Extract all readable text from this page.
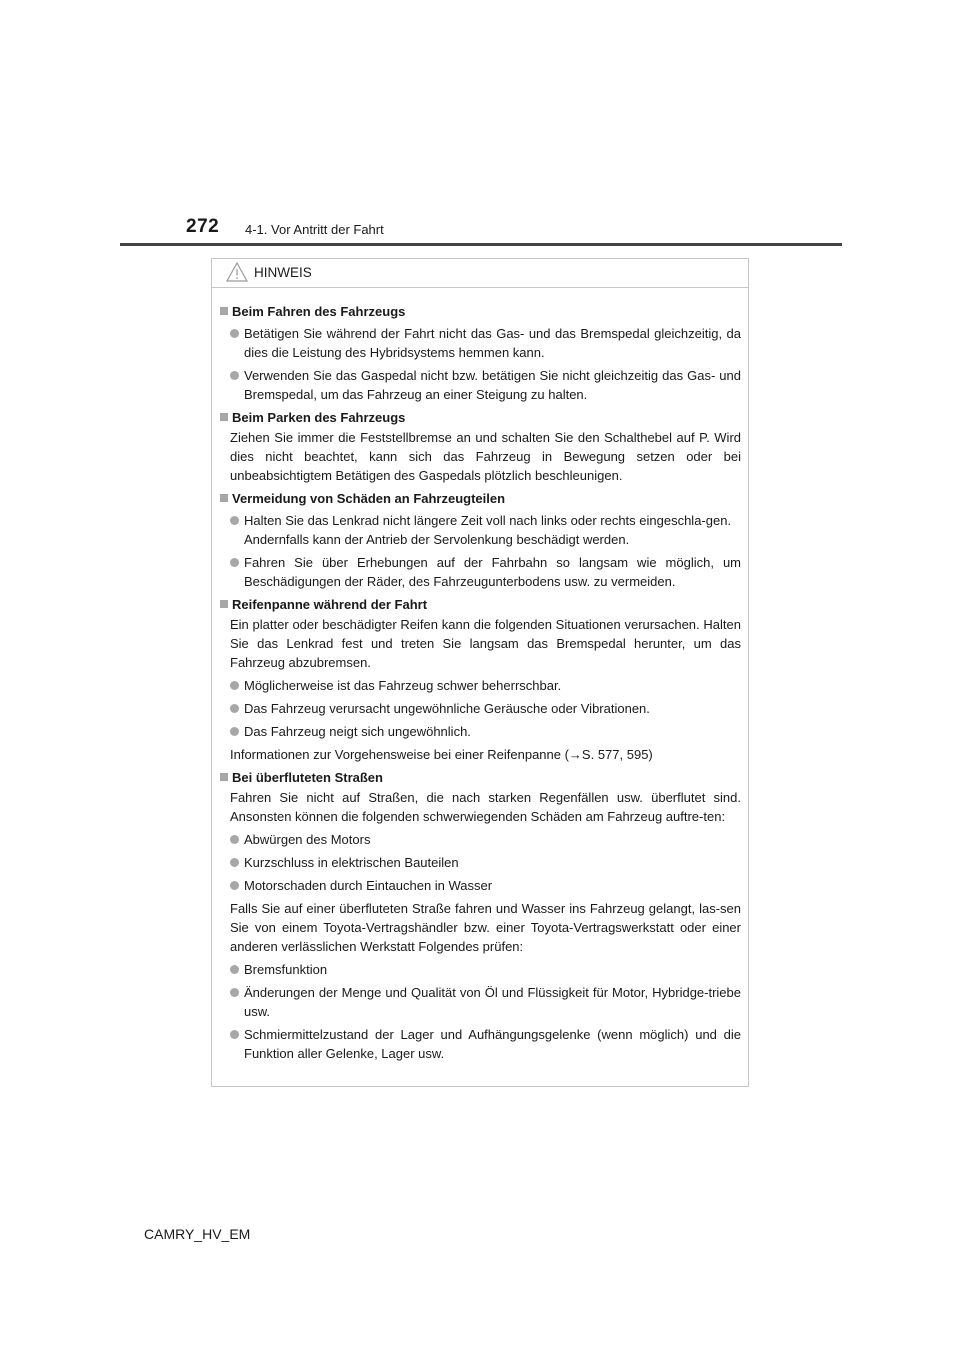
272 4-1. Vor Antritt der Fahrt
HINWEIS
Beim Fahren des Fahrzeugs
Betätigen Sie während der Fahrt nicht das Gas- und das Bremspedal gleichzeitig, da dies die Leistung des Hybridsystems hemmen kann.
Verwenden Sie das Gaspedal nicht bzw. betätigen Sie nicht gleichzeitig das Gas- und Bremspedal, um das Fahrzeug an einer Steigung zu halten.
Beim Parken des Fahrzeugs
Ziehen Sie immer die Feststellbremse an und schalten Sie den Schalthebel auf P. Wird dies nicht beachtet, kann sich das Fahrzeug in Bewegung setzen oder bei unbeabsichtigtem Betätigen des Gaspedals plötzlich beschleunigen.
Vermeidung von Schäden an Fahrzeugteilen
Halten Sie das Lenkrad nicht längere Zeit voll nach links oder rechts eingeschla-gen.
Andernfalls kann der Antrieb der Servolenkung beschädigt werden.
Fahren Sie über Erhebungen auf der Fahrbahn so langsam wie möglich, um Beschädigungen der Räder, des Fahrzeugunterbodens usw. zu vermeiden.
Reifenpanne während der Fahrt
Ein platter oder beschädigter Reifen kann die folgenden Situationen verursachen. Halten Sie das Lenkrad fest und treten Sie langsam das Bremspedal herunter, um das Fahrzeug abzubremsen.
Möglicherweise ist das Fahrzeug schwer beherrschbar.
Das Fahrzeug verursacht ungewöhnliche Geräusche oder Vibrationen.
Das Fahrzeug neigt sich ungewöhnlich.
Informationen zur Vorgehensweise bei einer Reifenpanne (→S. 577, 595)
Bei überfluteten Straßen
Fahren Sie nicht auf Straßen, die nach starken Regenfällen usw. überflutet sind. Ansonsten können die folgenden schwerwiegenden Schäden am Fahrzeug auftre-ten:
Abwürgen des Motors
Kurzschluss in elektrischen Bauteilen
Motorschaden durch Eintauchen in Wasser
Falls Sie auf einer überfluteten Straße fahren und Wasser ins Fahrzeug gelangt, las-sen Sie von einem Toyota-Vertragshändler bzw. einer Toyota-Vertragswerkstatt oder einer anderen verlässlichen Werkstatt Folgendes prüfen:
Bremsfunktion
Änderungen der Menge und Qualität von Öl und Flüssigkeit für Motor, Hybridge-triebe usw.
Schmiermittelzustand der Lager und Aufhängungsgelenke (wenn möglich) und die Funktion aller Gelenke, Lager usw.
CAMRY_HV_EM
